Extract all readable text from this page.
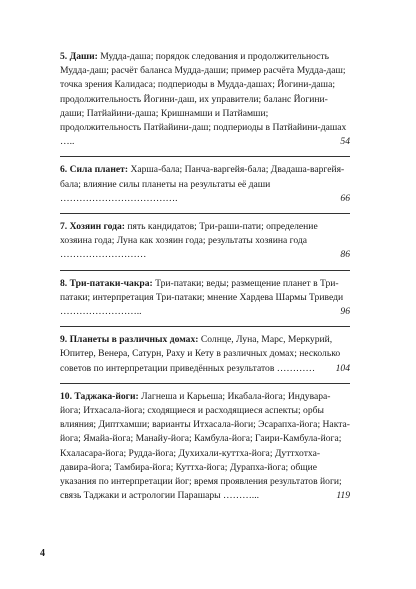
5. Даши: Мудда-даша; порядок следования и продолжительность Мудда-даш; расчёт баланса Мудда-даши; пример расчёта Мудда-даш; точка зрения Калидаса; подпериоды в Мудда-дашах; Йогини-даша; продолжительность Йогини-даш, их управители; баланс Йогини-даши; Патйайини-даша; Кришнамши и Патйамши; продолжительность Патйайини-даш; подпериоды в Патйайини-дашах …..	54
6. Сила планет: Харша-бала; Панча-варгейя-бала; Двадаша-варгейя-бала; влияние силы планеты на результаты её даши ……………………………….	66
7. Хозяин года: пять кандидатов; Три-раши-пати; определение хозяина года; Луна как хозяин года; результаты хозяина года ………………………	86
8. Три-патаки-чакра: Три-патаки; веды; размещение планет в Три-патаки; интерпретация Три-патаки; мнение Хардева Шармы Триведи ……………………..	96
9. Планеты в различных домах: Солнце, Луна, Марс, Меркурий, Юпитер, Венера, Сатурн, Раху и Кету в различных домах; несколько советов по интерпретации приведённых результатов ………… 104
10. Таджака-йоги: Лагнеша и Карьеша; Икабала-йога; Индувара-йога; Итхасала-йога; сходящиеся и расходящиеся аспекты; орбы влияния; Диптхамши; варианты Итхасала-йоги; Эсарапха-йога; Накта-йога; Ямайа-йога; Манайу-йога; Камбула-йога; Гаири-Камбула-йога; Кхаласара-йога; Рудда-йога; Духихали-куттха-йога; Дуттхотха-давира-йога; Тамбира-йога; Куттха-йога; Дурапха-йога; общие указания по интерпретации йог; время проявления результатов йоги; связь Таджаки и астрологии Парашары ………...	119
4
